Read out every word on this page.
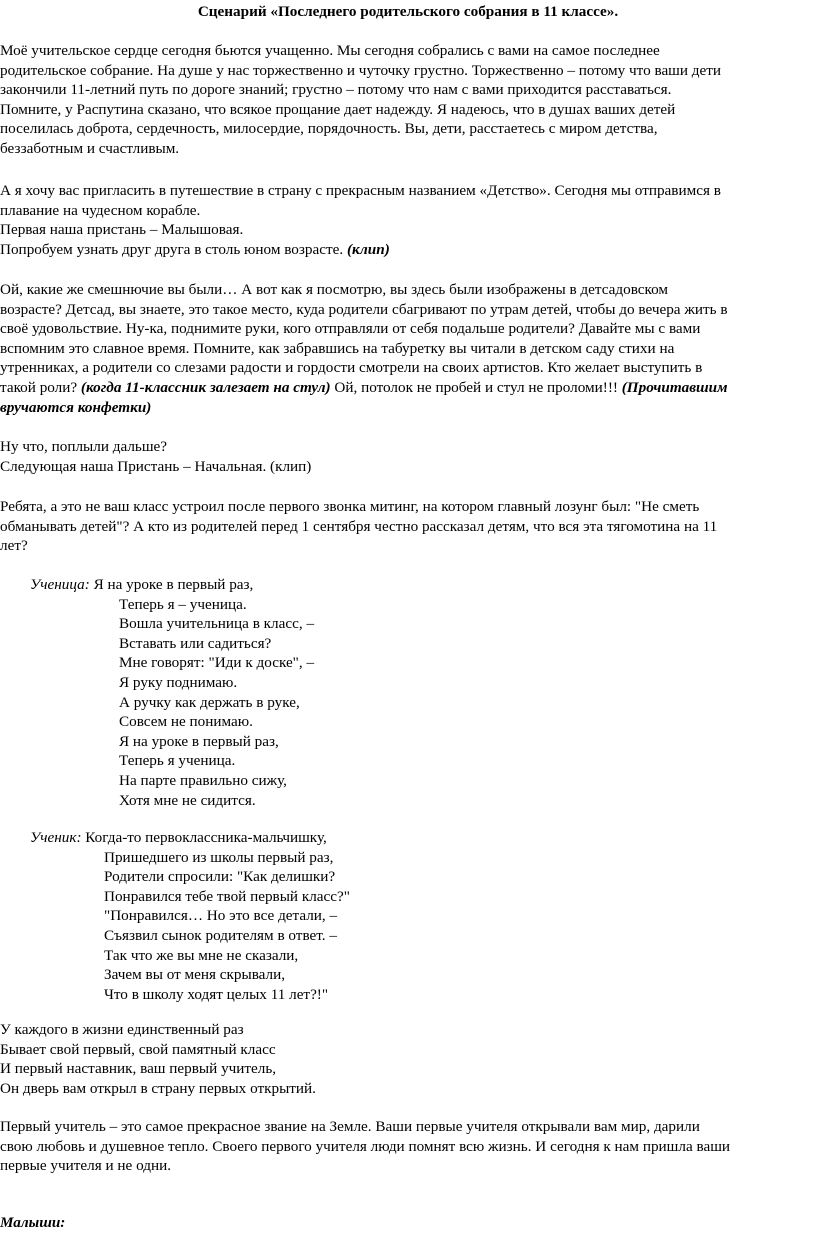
Сценарий «Последнего родительского собрания в 11 классе».

Моё учительское сердце сегодня бьются учащенно. Мы сегодня собрались с вами на самое последнее
родительское собрание. На душе у нас торжественно и чуточку грустно. Торжественно – потому что ваши дети
закончили 11-летний путь по дороге знаний; грустно – потому что нам с вами приходится расставаться.
Помните, у Распутина сказано, что всякое прощание дает надежду. Я надеюсь, что в душах ваших детей
поселилась доброта, сердечность, милосердие, порядочность. Вы, дети, расстаетесь с миром детства,
беззаботным и счастливым.

А я хочу вас пригласить в путешествие в страну с прекрасным названием «Детство». Сегодня мы отправимся в
плавание на чудесном корабле.
Первая наша пристань – Малышовая.
Попробуем узнать друг друга в столь юном возрасте. (клип)

Ой, какие же смешнючие вы были… А вот как я посмотрю, вы здесь были изображены в детсадовском
возрасте? Детсад, вы знаете, это такое место, куда родители сбагривают по утрам детей, чтобы до вечера жить в
своё удовольствие. Ну-ка, поднимите руки, кого отправляли от себя подальше родители? Давайте мы с вами
вспомним это славное время. Помните, как забравшись на табуретку вы читали в детском саду стихи на
утренниках, а родители со слезами радости и гордости смотрели на своих артистов. Кто желает выступить в
такой роли? (когда 11-классник залезает на стул) Ой, потолок не пробей и стул не проломи!!! (Прочитавшим
вручаются конфетки)

Ну что, поплыли дальше?
Следующая наша Пристань – Начальная. (клип)

Ребята, а это не ваш класс устроил после первого звонка митинг, на котором главный лозунг был: "Не сметь
обманывать детей"? А кто из родителей перед 1 сентября честно рассказал детям, что вся эта тягомотина на 11
лет?

Ученица: Я на уроке в первый раз,
Теперь я – ученица.
Вошла учительница в класс, –
Вставать или садиться?
Мне говорят: "Иди к доске", –
Я руку поднимаю.
А ручку как держать в руке,
Совсем не понимаю.
Я на уроке в первый раз,
Теперь я ученица.
На парте правильно сижу,
Хотя мне не сидится.
Ученик: Когда-то первоклассника-мальчишку,
Пришедшего из школы первый раз,
Родители спросили: "Как делишки?
Понравился тебе твой первый класс?"
"Понравился… Но это все детали, –
Съязвил сынок родителям в ответ. –
Так что же вы мне не сказали,
Зачем вы от меня скрывали,
Что в школу ходят целых 11 лет?!"

У каждого в жизни единственный раз
Бывает свой первый, свой памятный класс
И первый наставник, ваш первый учитель,
Он дверь вам открыл в страну первых открытий.

Первый учитель – это самое прекрасное звание на Земле. Ваши первые учителя открывали вам мир, дарили
свою любовь и душевное тепло. Своего первого учителя люди помнят всю жизнь. И сегодня к нам пришла ваши
первые учителя и не одни.

Малыши:
